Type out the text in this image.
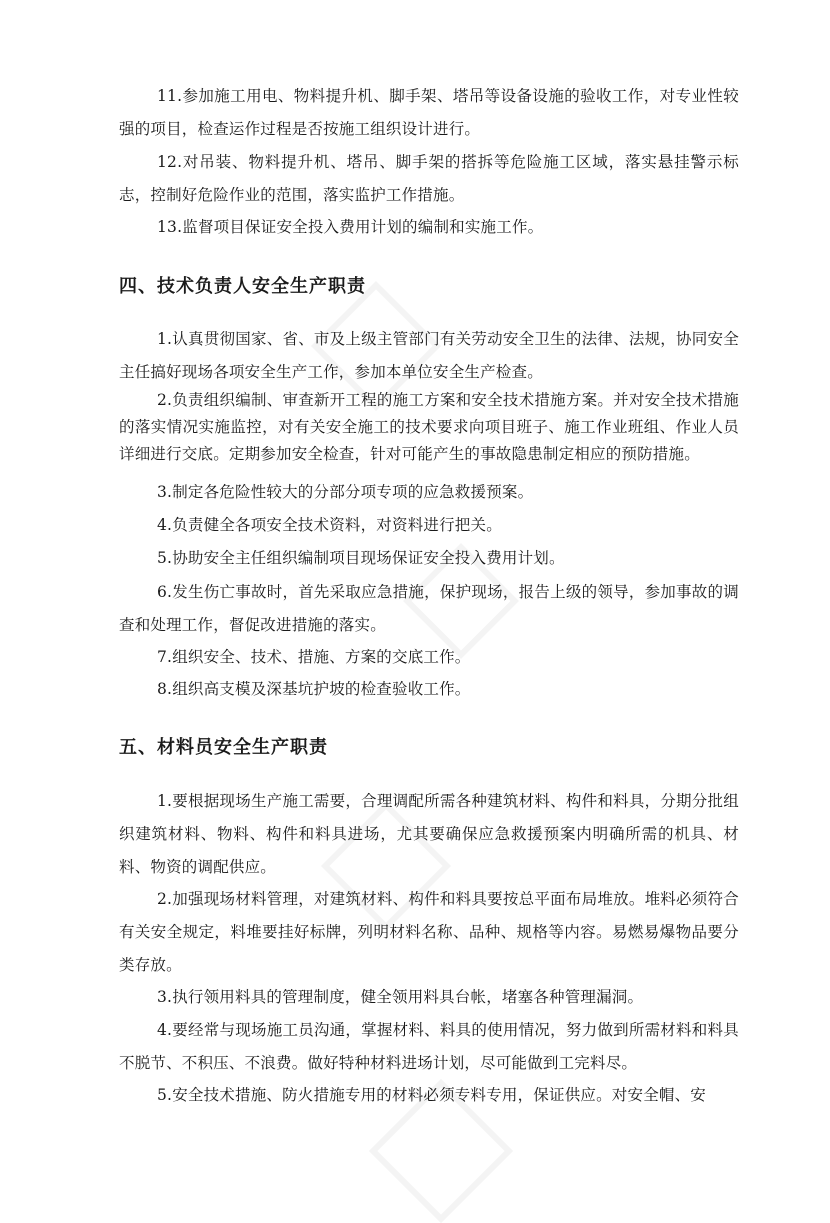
11.参加施工用电、物料提升机、脚手架、塔吊等设备设施的验收工作，对专业性较强的项目，检查运作过程是否按施工组织设计进行。

12.对吊装、物料提升机、塔吊、脚手架的搭拆等危险施工区域，落实悬挂警示标志，控制好危险作业的范围，落实监护工作措施。

13.监督项目保证安全投入费用计划的编制和实施工作。

四、技术负责人安全生产职责

1.认真贯彻国家、省、市及上级主管部门有关劳动安全卫生的法律、法规，协同安全主任搞好现场各项安全生产工作，参加本单位安全生产检查。

2.负责组织编制、审查新开工程的施工方案和安全技术措施方案。并对安全技术措施的落实情况实施监控，对有关安全施工的技术要求向项目班子、施工作业班组、作业人员详细进行交底。定期参加安全检查，针对可能产生的事故隐患制定相应的预防措施。

3.制定各危险性较大的分部分项专项的应急救援预案。

4.负责健全各项安全技术资料，对资料进行把关。

5.协助安全主任组织编制项目现场保证安全投入费用计划。

6.发生伤亡事故时，首先采取应急措施，保护现场，报告上级的领导，参加事故的调查和处理工作，督促改进措施的落实。

7.组织安全、技术、措施、方案的交底工作。

8.组织高支模及深基坑护坡的检查验收工作。

五、材料员安全生产职责

1.要根据现场生产施工需要，合理调配所需各种建筑材料、构件和料具，分期分批组织建筑材料、物料、构件和料具进场，尤其要确保应急救援预案内明确所需的机具、材料、物资的调配供应。

2.加强现场材料管理，对建筑材料、构件和料具要按总平面布局堆放。堆料必须符合有关安全规定，料堆要挂好标牌，列明材料名称、品种、规格等内容。易燃易爆物品要分类存放。

3.执行领用料具的管理制度，健全领用料具台帐，堵塞各种管理漏洞。

4.要经常与现场施工员沟通，掌握材料、料具的使用情况，努力做到所需材料和料具不脱节、不积压、不浪费。做好特种材料进场计划，尽可能做到工完料尽。

5.安全技术措施、防火措施专用的材料必须专料专用，保证供应。对安全帽、安
